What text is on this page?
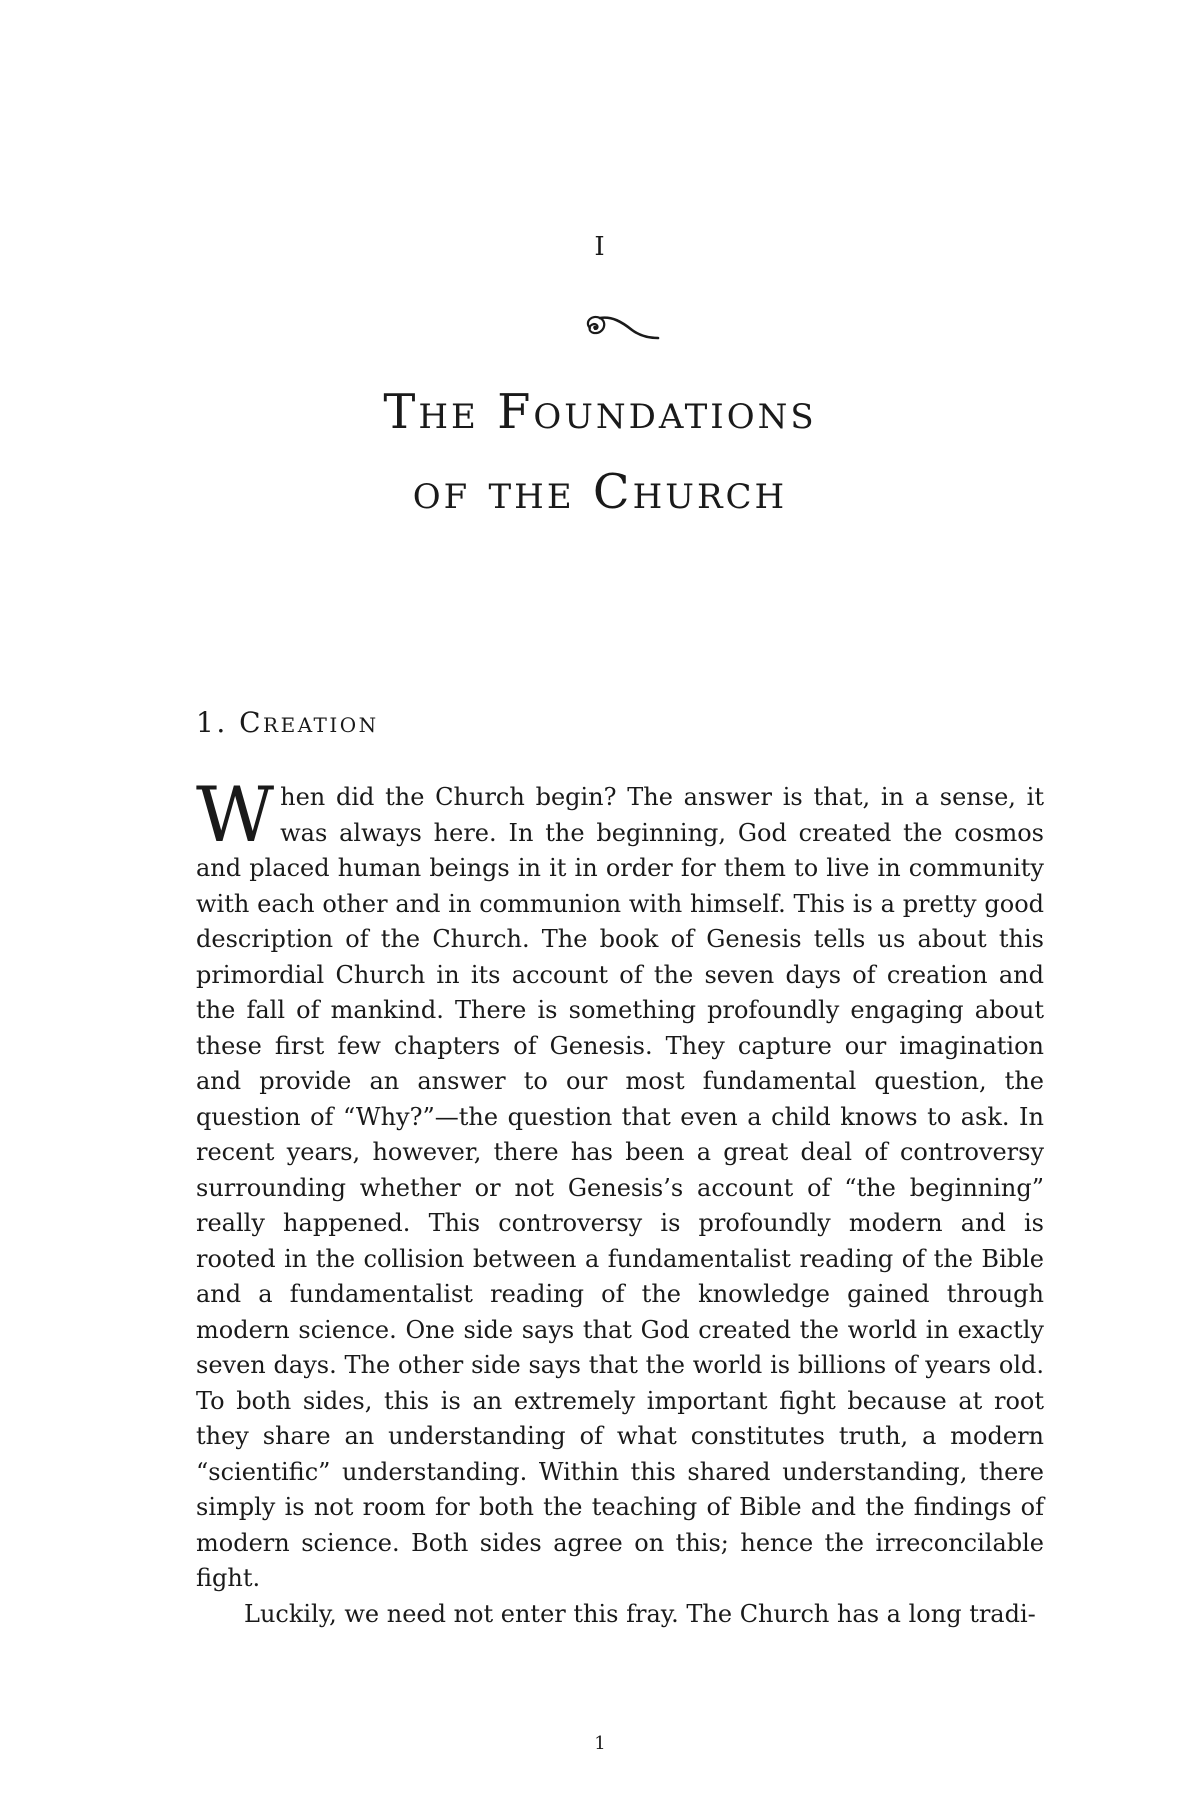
I
The Foundations
of the Church
1. Creation

When did the Church begin? The answer is that, in a sense, it was always here. In the beginning, God created the cosmos and placed human beings in it in order for them to live in community with each other and in communion with himself. This is a pretty good description of the Church. The book of Genesis tells us about this primordial Church in its account of the seven days of creation and the fall of mankind. There is something profoundly engaging about these first few chapters of Genesis. They capture our imagination and provide an answer to our most fundamental question, the question of “Why?”—the question that even a child knows to ask. In recent years, however, there has been a great deal of controversy surrounding whether or not Genesis’s account of “the beginning” really happened. This controversy is profoundly modern and is rooted in the collision between a fundamentalist reading of the Bible and a fundamentalist reading of the knowledge gained through modern science. One side says that God created the world in exactly seven days. The other side says that the world is billions of years old. To both sides, this is an extremely important fight because at root they share an understanding of what constitutes truth, a modern “scientific” understanding. Within this shared understanding, there simply is not room for both the teaching of Bible and the findings of modern science. Both sides agree on this; hence the irreconcilable fight.

Luckily, we need not enter this fray. The Church has a long tradi-

1
